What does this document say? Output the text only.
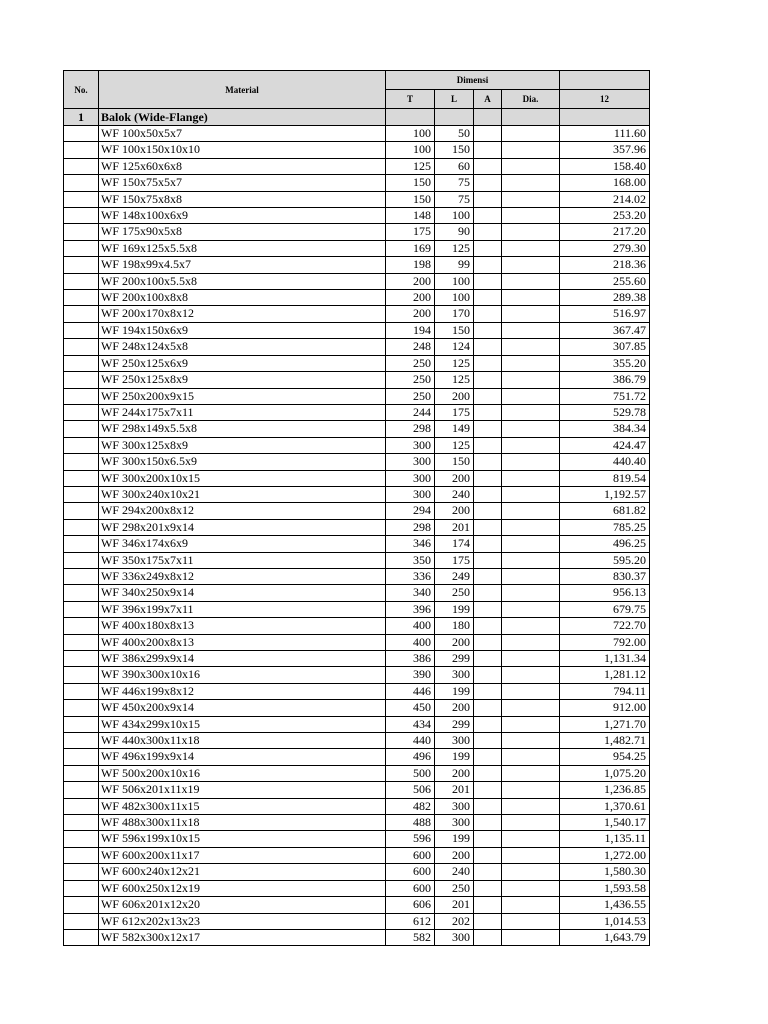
No.	Material	Dimensi				
		T	L	A	Dia.	12
1	Balok (Wide-Flange)					
	WF 100x50x5x7	100	50			111.60
	WF 100x150x10x10	100	150			357.96
	WF 125x60x6x8	125	60			158.40
	WF 150x75x5x7	150	75			168.00
	WF 150x75x8x8	150	75			214.02
	WF 148x100x6x9	148	100			253.20
	WF 175x90x5x8	175	90			217.20
	WF 169x125x5.5x8	169	125			279.30
	WF 198x99x4.5x7	198	99			218.36
	WF 200x100x5.5x8	200	100			255.60
	WF 200x100x8x8	200	100			289.38
	WF 200x170x8x12	200	170			516.97
	WF 194x150x6x9	194	150			367.47
	WF 248x124x5x8	248	124			307.85
	WF 250x125x6x9	250	125			355.20
	WF 250x125x8x9	250	125			386.79
	WF 250x200x9x15	250	200			751.72
	WF 244x175x7x11	244	175			529.78
	WF 298x149x5.5x8	298	149			384.34
	WF 300x125x8x9	300	125			424.47
	WF 300x150x6.5x9	300	150			440.40
	WF 300x200x10x15	300	200			819.54
	WF 300x240x10x21	300	240			1,192.57
	WF 294x200x8x12	294	200			681.82
	WF 298x201x9x14	298	201			785.25
	WF 346x174x6x9	346	174			496.25
	WF 350x175x7x11	350	175			595.20
	WF 336x249x8x12	336	249			830.37
	WF 340x250x9x14	340	250			956.13
	WF 396x199x7x11	396	199			679.75
	WF 400x180x8x13	400	180			722.70
	WF 400x200x8x13	400	200			792.00
	WF 386x299x9x14	386	299			1,131.34
	WF 390x300x10x16	390	300			1,281.12
	WF 446x199x8x12	446	199			794.11
	WF 450x200x9x14	450	200			912.00
	WF 434x299x10x15	434	299			1,271.70
	WF 440x300x11x18	440	300			1,482.71
	WF 496x199x9x14	496	199			954.25
	WF 500x200x10x16	500	200			1,075.20
	WF 506x201x11x19	506	201			1,236.85
	WF 482x300x11x15	482	300			1,370.61
	WF 488x300x11x18	488	300			1,540.17
	WF 596x199x10x15	596	199			1,135.11
	WF 600x200x11x17	600	200			1,272.00
	WF 600x240x12x21	600	240			1,580.30
	WF 600x250x12x19	600	250			1,593.58
	WF 606x201x12x20	606	201			1,436.55
	WF 612x202x13x23	612	202			1,014.53
	WF 582x300x12x17	582	300			1,643.79
